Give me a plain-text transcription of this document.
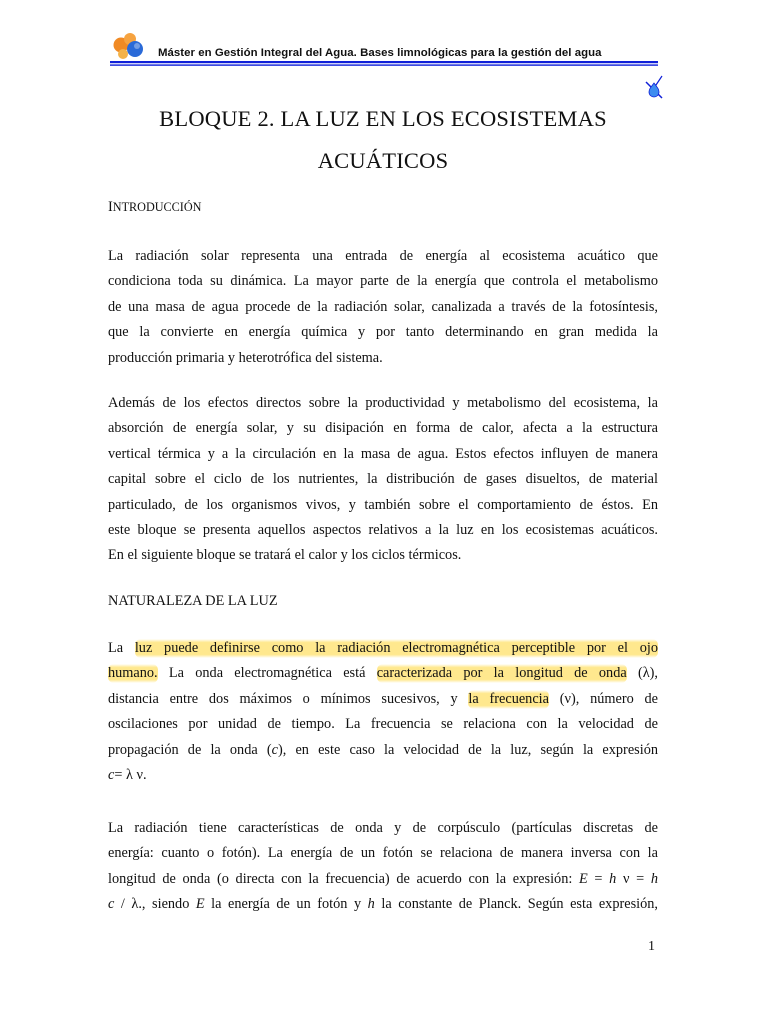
Máster en Gestión Integral del Agua. Bases limnológicas para la gestión del agua
BLOQUE 2. LA LUZ EN LOS ECOSISTEMAS
ACUÁTICOS
INTRODUCCIÓN
La radiación solar representa una entrada de energía al ecosistema acuático que
condiciona toda su dinámica. La mayor parte de la energía que controla el metabolismo
de una masa de agua procede de la radiación solar, canalizada a través de la fotosíntesis,
que la convierte en energía química y por tanto determinando en gran medida la
producción primaria y heterotrófica del sistema.
Además de los efectos directos sobre la productividad y metabolismo del ecosistema, la
absorción de energía solar, y su disipación en forma de calor, afecta a la estructura
vertical térmica y a la circulación en la masa de agua. Estos efectos influyen de manera
capital sobre el ciclo de los nutrientes, la distribución de gases disueltos, de material
particulado, de los organismos vivos, y también sobre el comportamiento de éstos. En
este bloque se presenta aquellos aspectos relativos a la luz en los ecosistemas acuáticos.
En el siguiente bloque se tratará el calor y los ciclos térmicos.
NATURALEZA DE LA LUZ
La luz puede definirse como la radiación electromagnética perceptible por el ojo
humano. La onda electromagnética está caracterizada por la longitud de onda (λ),
distancia entre dos máximos o mínimos sucesivos, y la frecuencia (ν), número de
oscilaciones por unidad de tiempo. La frecuencia se relaciona con la velocidad de
propagación de la onda (c), en este caso la velocidad de la luz, según la expresión
c= λ ν.
La radiación tiene características de onda y de corpúsculo (partículas discretas de
energía: cuanto o fotón). La energía de un fotón se relaciona de manera inversa con la
longitud de onda (o directa con la frecuencia) de acuerdo con la expresión: E = h ν = h
c / λ., siendo E la energía de un fotón y h la constante de Planck. Según esta expresión,
1
